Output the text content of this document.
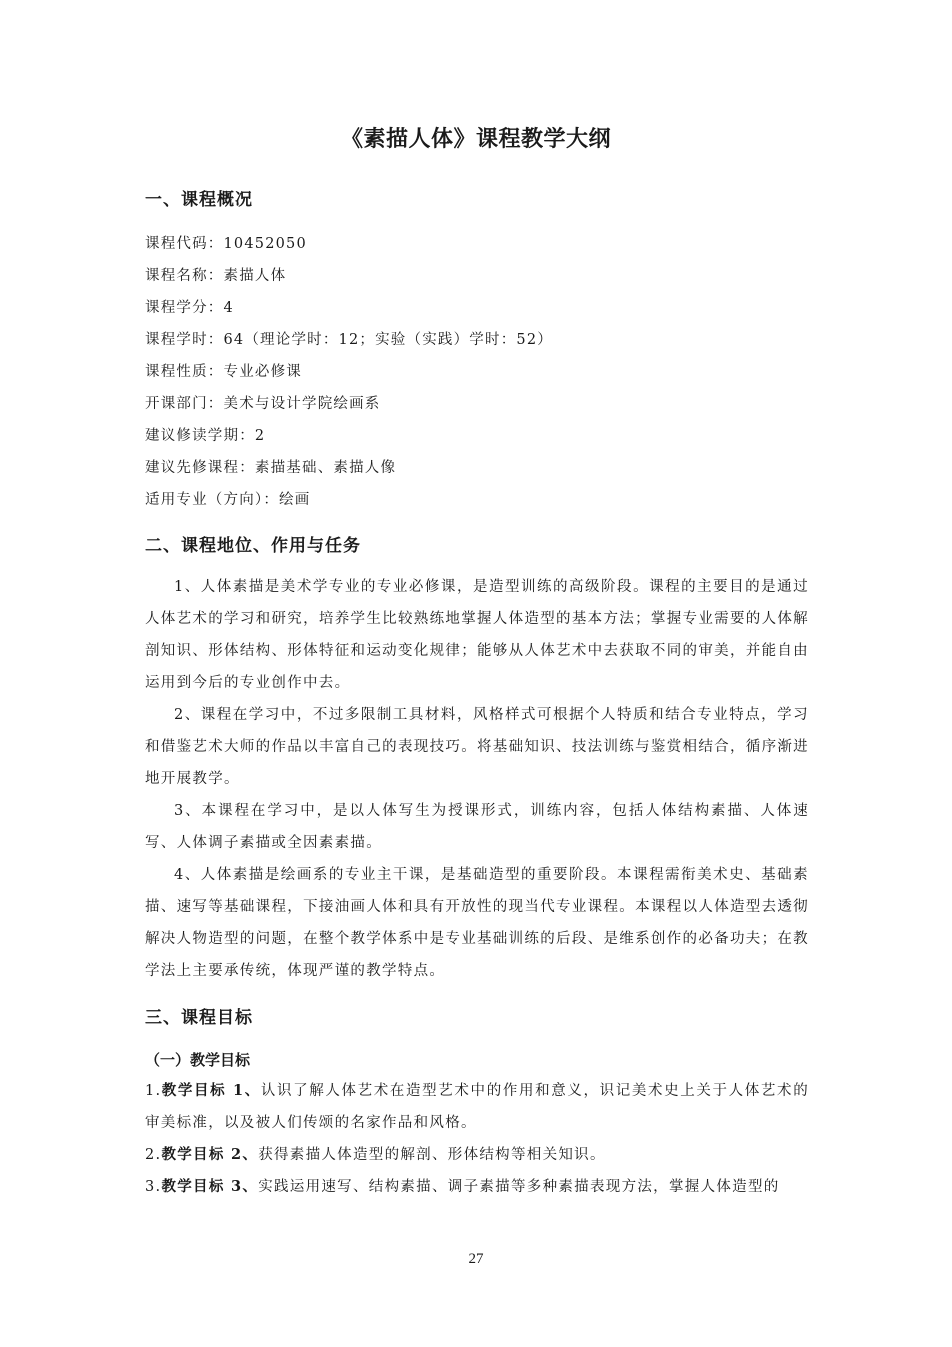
《素描人体》课程教学大纲
一、课程概况
课程代码：10452050
课程名称：素描人体
课程学分：4
课程学时：64（理论学时：12；实验（实践）学时：52）
课程性质：专业必修课
开课部门：美术与设计学院绘画系
建议修读学期：2
建议先修课程：素描基础、素描人像
适用专业（方向）：绘画
二、课程地位、作用与任务
1、人体素描是美术学专业的专业必修课，是造型训练的高级阶段。课程的主要目的是通过人体艺术的学习和研究，培养学生比较熟练地掌握人体造型的基本方法；掌握专业需要的人体解剖知识、形体结构、形体特征和运动变化规律；能够从人体艺术中去获取不同的审美，并能自由运用到今后的专业创作中去。
2、课程在学习中，不过多限制工具材料，风格样式可根据个人特质和结合专业特点，学习和借鉴艺术大师的作品以丰富自己的表现技巧。将基础知识、技法训练与鉴赏相结合，循序渐进地开展教学。
3、本课程在学习中，是以人体写生为授课形式，训练内容，包括人体结构素描、人体速写、人体调子素描或全因素素描。
4、人体素描是绘画系的专业主干课，是基础造型的重要阶段。本课程需衔美术史、基础素描、速写等基础课程，下接油画人体和具有开放性的现当代专业课程。本课程以人体造型去透彻解决人物造型的问题，在整个教学体系中是专业基础训练的后段、是维系创作的必备功夫；在教学法上主要承传统，体现严谨的教学特点。
三、课程目标
（一）教学目标
1.教学目标 1、认识了解人体艺术在造型艺术中的作用和意义，识记美术史上关于人体艺术的审美标准，以及被人们传颂的名家作品和风格。
2.教学目标 2、获得素描人体造型的解剖、形体结构等相关知识。
3.教学目标 3、实践运用速写、结构素描、调子素描等多种素描表现方法，掌握人体造型的
27
